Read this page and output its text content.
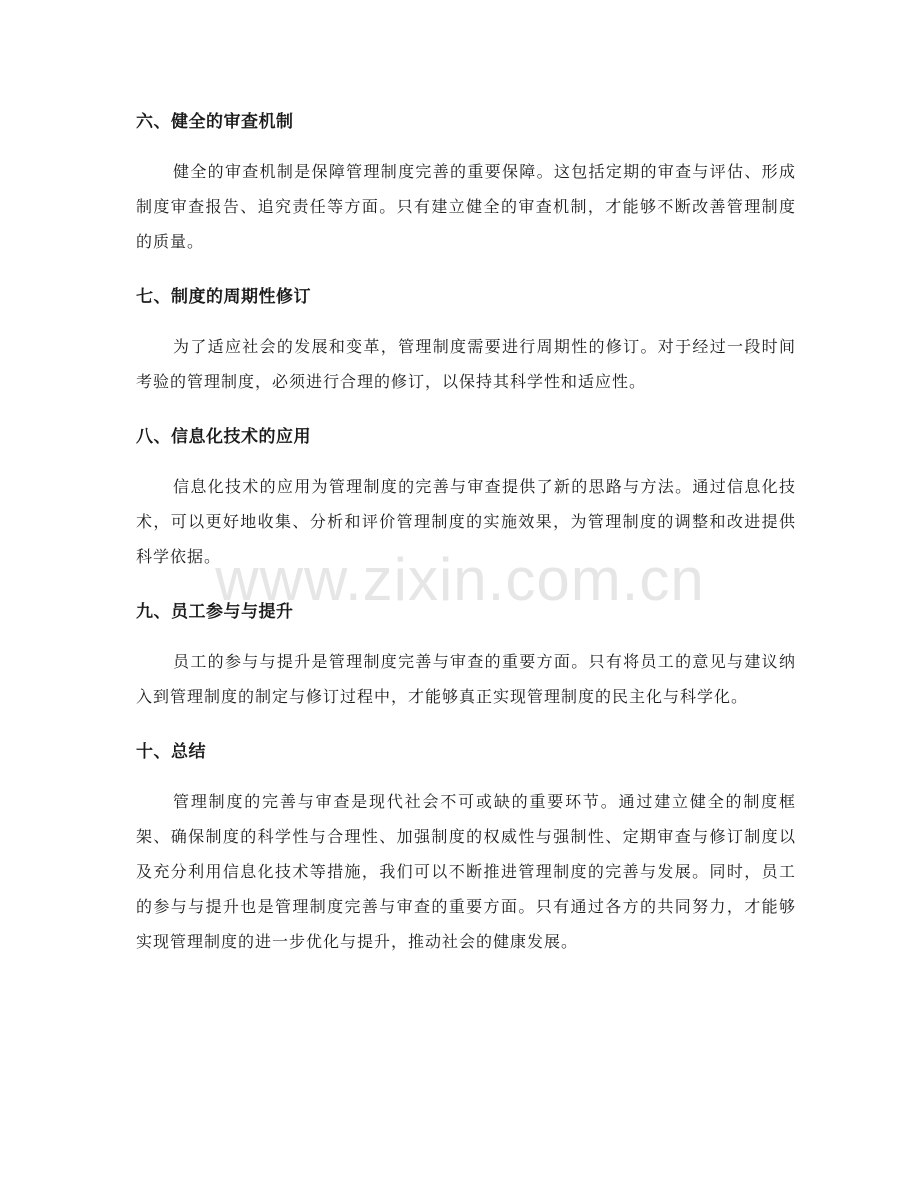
www.zixin.com.cn
六、健全的审查机制

健全的审查机制是保障管理制度完善的重要保障。这包括定期的审查与评估、形成制度审查报告、追究责任等方面。只有建立健全的审查机制，才能够不断改善管理制度的质量。

七、制度的周期性修订

为了适应社会的发展和变革，管理制度需要进行周期性的修订。对于经过一段时间考验的管理制度，必须进行合理的修订，以保持其科学性和适应性。

八、信息化技术的应用

信息化技术的应用为管理制度的完善与审查提供了新的思路与方法。通过信息化技术，可以更好地收集、分析和评价管理制度的实施效果，为管理制度的调整和改进提供科学依据。

九、员工参与与提升

员工的参与与提升是管理制度完善与审查的重要方面。只有将员工的意见与建议纳入到管理制度的制定与修订过程中，才能够真正实现管理制度的民主化与科学化。

十、总结

管理制度的完善与审查是现代社会不可或缺的重要环节。通过建立健全的制度框架、确保制度的科学性与合理性、加强制度的权威性与强制性、定期审查与修订制度以及充分利用信息化技术等措施，我们可以不断推进管理制度的完善与发展。同时，员工的参与与提升也是管理制度完善与审查的重要方面。只有通过各方的共同努力，才能够实现管理制度的进一步优化与提升，推动社会的健康发展。
